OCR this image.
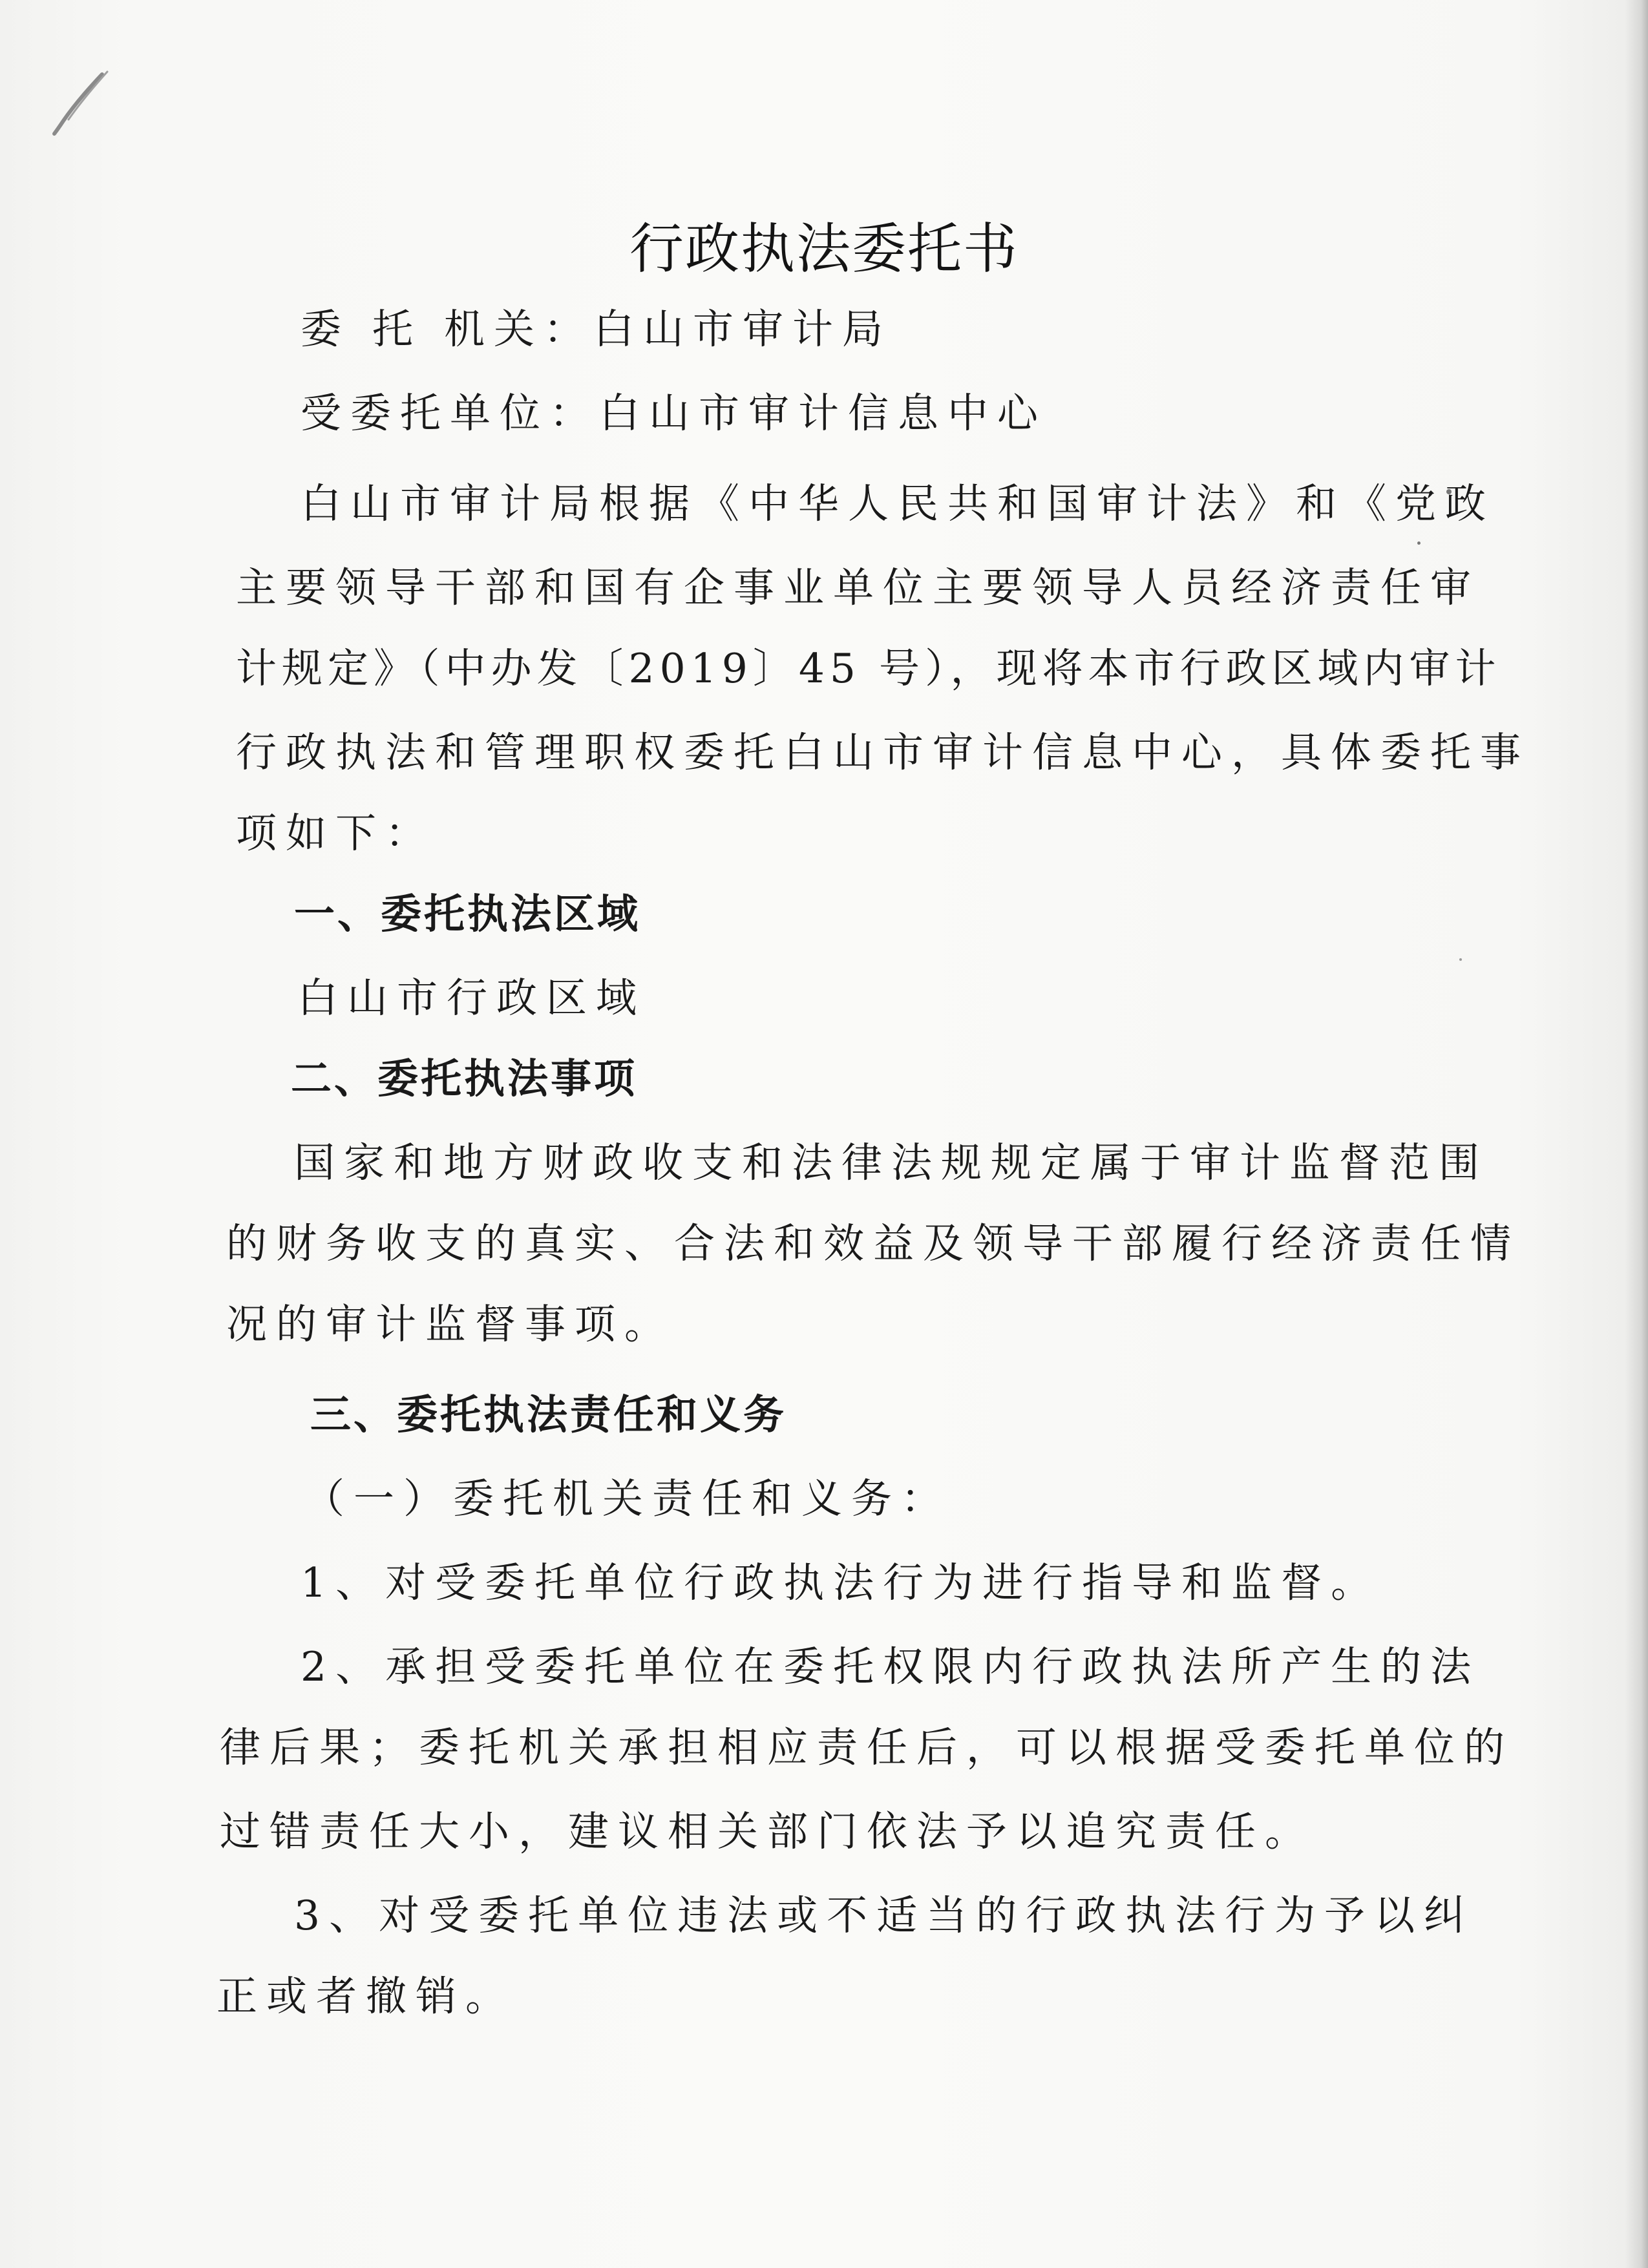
行政执法委托书
委 托 机关：白山市审计局
受委托单位：白山市审计信息中心
白山市审计局根据《中华人民共和国审计法》和《党政
主要领导干部和国有企事业单位主要领导人员经济责任审
计规定》（中办发〔2019〕45 号），现将本市行政区域内审计
行政执法和管理职权委托白山市审计信息中心，具体委托事
项如下：
一、委托执法区域
白山市行政区域
二、委托执法事项
国家和地方财政收支和法律法规规定属于审计监督范围
的财务收支的真实、合法和效益及领导干部履行经济责任情
况的审计监督事项。
三、委托执法责任和义务
（一）委托机关责任和义务：
1、对受委托单位行政执法行为进行指导和监督。
2、承担受委托单位在委托权限内行政执法所产生的法
律后果；委托机关承担相应责任后，可以根据受委托单位的
过错责任大小，建议相关部门依法予以追究责任。
3、对受委托单位违法或不适当的行政执法行为予以纠
正或者撤销。
